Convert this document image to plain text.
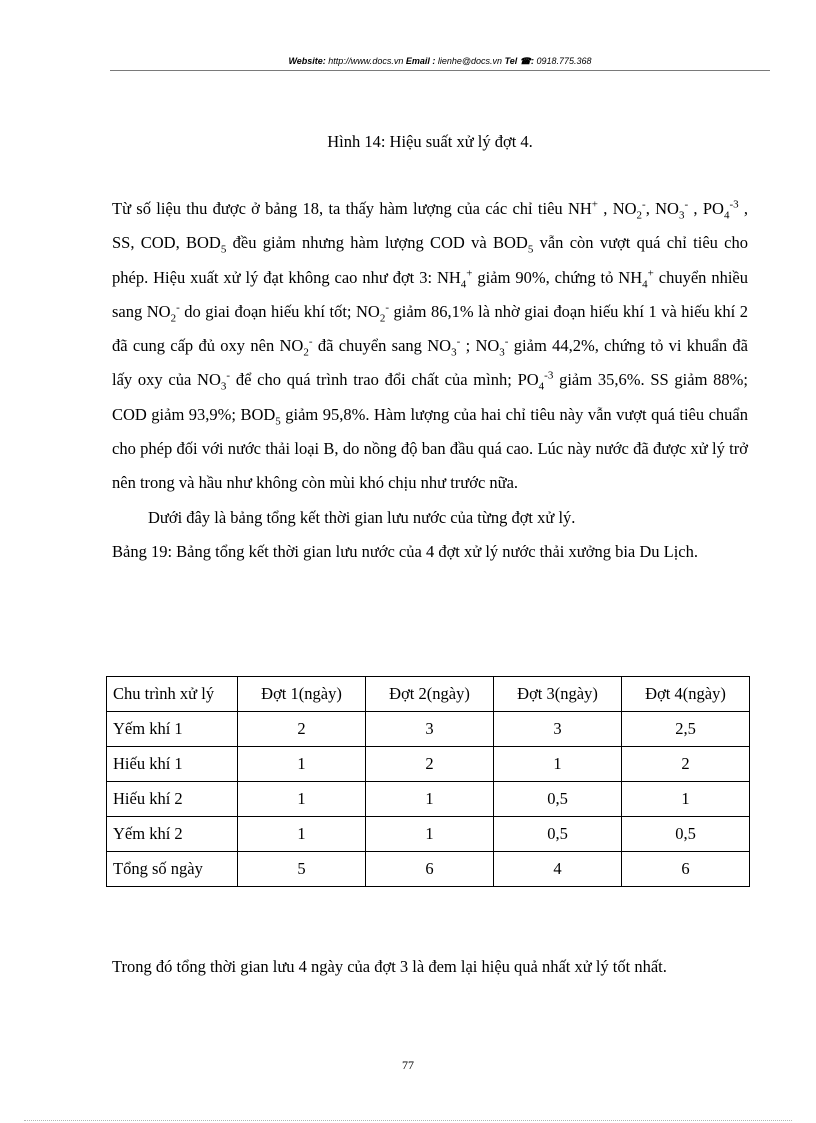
Website: http://www.docs.vn Email : lienhe@docs.vn Tel ☎: 0918.775.368
Hình 14: Hiệu suất xử lý đợt 4.

Từ số liệu thu được ở bảng 18, ta thấy hàm lượng của các chỉ tiêu NH+ , $NO_2^-$, $NO_3^-$ , $PO_4^{-3}$ , SS, COD, $BOD_5$ đều giảm nhưng hàm lượng COD và $BOD_5$ vẫn còn vượt quá chỉ tiêu cho phép. Hiệu xuất xử lý đạt không cao như đợt 3: $NH_4^+$ giảm 90%, chứng tỏ $NH_4^+$ chuyển nhiều sang $NO_2^-$ do giai đoạn hiếu khí tốt; $NO_2^-$ giảm 86,1% là nhờ giai đoạn hiếu khí 1 và hiếu khí 2 đã cung cấp đủ oxy nên $NO_2^-$ đã chuyển sang $NO_3^-$ ; $NO_3^-$ giảm 44,2%, chứng tỏ vi khuẩn đã lấy oxy của $NO_3^-$ để cho quá trình trao đổi chất của mình; $PO_4^{-3}$ giảm 35,6%. SS giảm 88%; COD giảm 93,9%; $BOD_5$ giảm 95,8%. Hàm lượng của hai chỉ tiêu này vẫn vượt quá tiêu chuẩn cho phép đối với nước thải loại B, do nồng độ ban đầu quá cao. Lúc này nước đã được xử lý trở nên trong và hầu như không còn mùi khó chịu như trước nữa.

Dưới đây là bảng tổng kết thời gian lưu nước của từng đợt xử lý.

Bảng 19: Bảng tổng kết thời gian lưu nước của 4 đợt xử lý nước thải xưởng bia Du Lịch.

Chu trình xử lý	Đợt 1(ngày)	Đợt 2(ngày)	Đợt 3(ngày)	Đợt 4(ngày)
Yếm khí 1	2	3	3	2,5
Hiếu khí 1	1	2	1	2
Hiếu khí 2	1	1	0,5	1
Yếm khí 2	1	1	0,5	0,5
Tổng số ngày	5	6	4	6
Trong đó tổng thời gian lưu 4 ngày của đợt 3 là đem lại hiệu quả nhất xử lý tốt nhất.
77
